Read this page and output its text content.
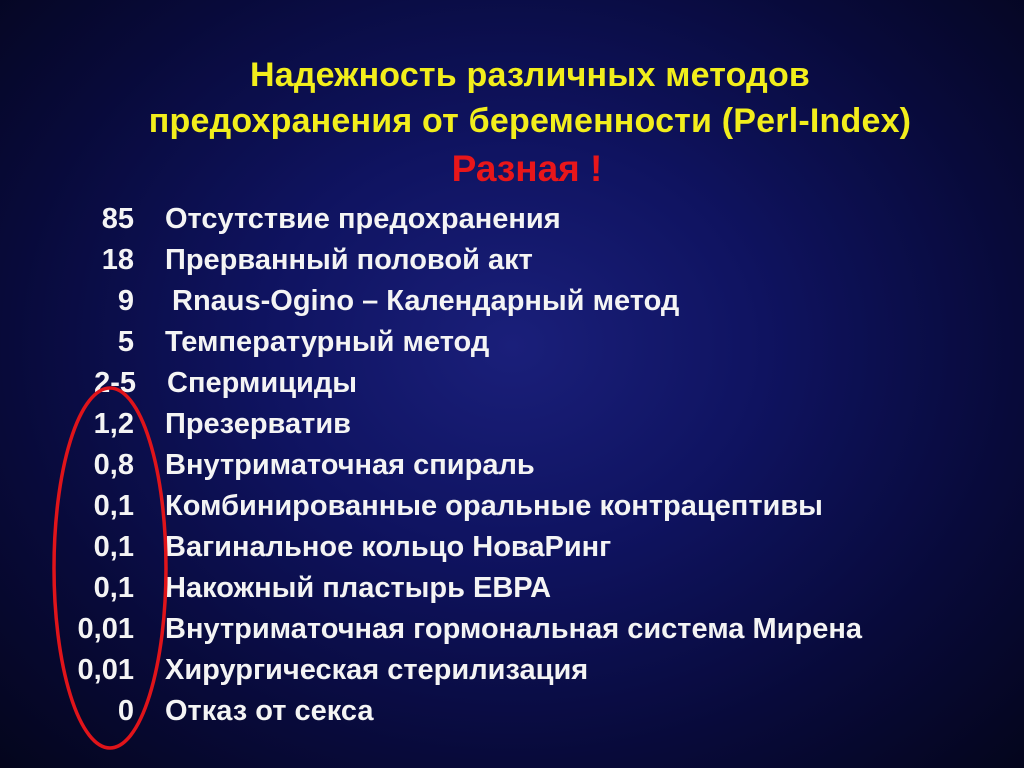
Надежность различных методов
предохранения от беременности (Perl-Index)
Разная !
85 Отсутствие предохранения
18 Прерванный половой акт
9 Rnaus-Ogino – Календарный метод
5 Температурный метод
2-5 Спермициды
1,2 Презерватив
0,8 Внутриматочная спираль
0,1 Комбинированные оральные контрацептивы
0,1 Вагинальное кольцо НоваРинг
0,1 Накожный пластырь ЕВРА
0,01 Внутриматочная гормональная система Мирена
0,01 Хирургическая стерилизация
0 Отказ от секса
